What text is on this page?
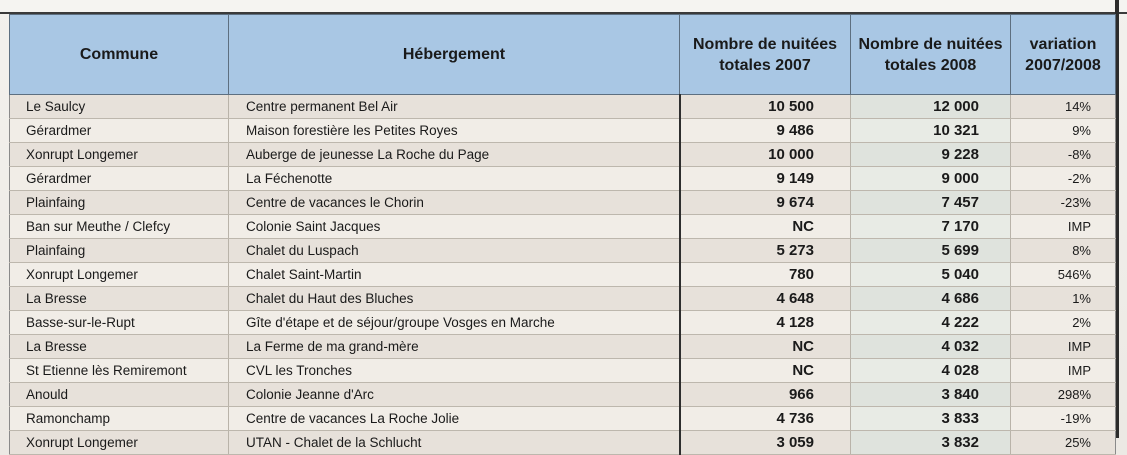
Commune	Hébergement	Nombre de nuitées totales 2007	Nombre de nuitées totales 2008	variation 2007/2008
Le Saulcy	Centre permanent Bel Air	10 500	12 000	14%
Gérardmer	Maison forestière les Petites Royes	9 486	10 321	9%
Xonrupt Longemer	Auberge de jeunesse La Roche du Page	10 000	9 228	-8%
Gérardmer	La Féchenotte	9 149	9 000	-2%
Plainfaing	Centre de vacances le Chorin	9 674	7 457	-23%
Ban sur Meuthe / Clefcy	Colonie Saint Jacques	NC	7 170	IMP
Plainfaing	Chalet du Luspach	5 273	5 699	8%
Xonrupt Longemer	Chalet Saint-Martin	780	5 040	546%
La Bresse	Chalet du Haut des Bluches	4 648	4 686	1%
Basse-sur-le-Rupt	Gîte d'étape et de séjour/groupe Vosges en Marche	4 128	4 222	2%
La Bresse	La Ferme de ma grand-mère	NC	4 032	IMP
St Etienne lès Remiremont	CVL les Tronches	NC	4 028	IMP
Anould	Colonie Jeanne d'Arc	966	3 840	298%
Ramonchamp	Centre de vacances La Roche Jolie	4 736	3 833	-19%
Xonrupt Longemer	UTAN - Chalet de la Schlucht	3 059	3 832	25%
